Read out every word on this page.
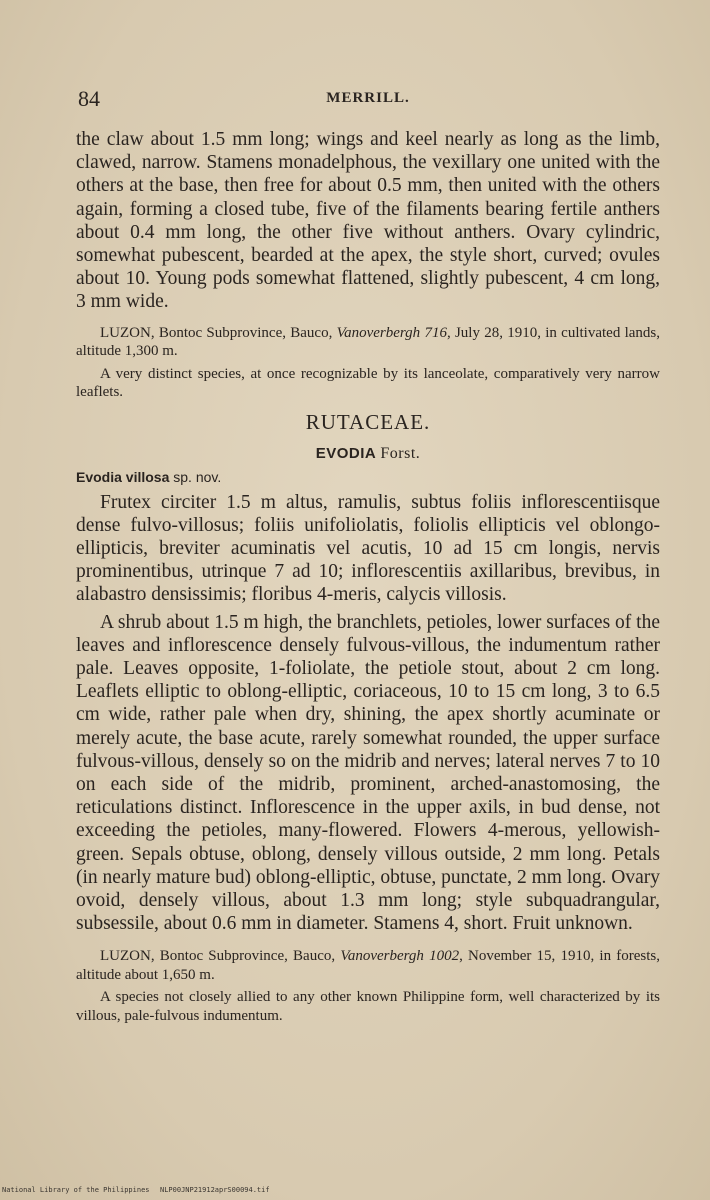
84	MERRILL.

the claw about 1.5 mm long; wings and keel nearly as long as the limb, clawed, narrow. Stamens monadelphous, the vexillary one united with the others at the base, then free for about 0.5 mm, then united with the others again, forming a closed tube, five of the filaments bearing fertile anthers about 0.4 mm long, the other five without anthers. Ovary cylindric, somewhat pubescent, bearded at the apex, the style short, curved; ovules about 10. Young pods somewhat flattened, slightly pubescent, 4 cm long, 3 mm wide.

LUZON, Bontoc Subprovince, Bauco, Vanoverbergh 716, July 28, 1910, in cultivated lands, altitude 1,300 m.

A very distinct species, at once recognizable by its lanceolate, comparatively very narrow leaflets.

RUTACEAE.

EVODIA Forst.

Evodia villosa sp. nov.

Frutex circiter 1.5 m altus, ramulis, subtus foliis inflorescentiisque dense fulvo-villosus; foliis unifoliolatis, foliolis ellipticis vel oblongo-ellipticis, breviter acuminatis vel acutis, 10 ad 15 cm longis, nervis prominentibus, utrinque 7 ad 10; inflorescentiis axillaribus, brevibus, in alabastro densissimis; floribus 4-meris, calycis villosis.

A shrub about 1.5 m high, the branchlets, petioles, lower surfaces of the leaves and inflorescence densely fulvous-villous, the indumentum rather pale. Leaves opposite, 1-foliolate, the petiole stout, about 2 cm long. Leaflets elliptic to oblong-elliptic, coriaceous, 10 to 15 cm long, 3 to 6.5 cm wide, rather pale when dry, shining, the apex shortly acuminate or merely acute, the base acute, rarely somewhat rounded, the upper surface fulvous-villous, densely so on the midrib and nerves; lateral nerves 7 to 10 on each side of the midrib, prominent, arched-anastomosing, the reticulations distinct. Inflorescence in the upper axils, in bud dense, not exceeding the petioles, many-flowered. Flowers 4-merous, yellowish-green. Sepals obtuse, oblong, densely villous outside, 2 mm long. Petals (in nearly mature bud) oblong-elliptic, obtuse, punctate, 2 mm long. Ovary ovoid, densely villous, about 1.3 mm long; style subquadrangular, subsessile, about 0.6 mm in diameter. Stamens 4, short. Fruit unknown.

LUZON, Bontoc Subprovince, Bauco, Vanoverbergh 1002, November 15, 1910, in forests, altitude about 1,650 m.

A species not closely allied to any other known Philippine form, well characterized by its villous, pale-fulvous indumentum.

National Library of the Philippines NLP00JNP21912aprS00094.tif
